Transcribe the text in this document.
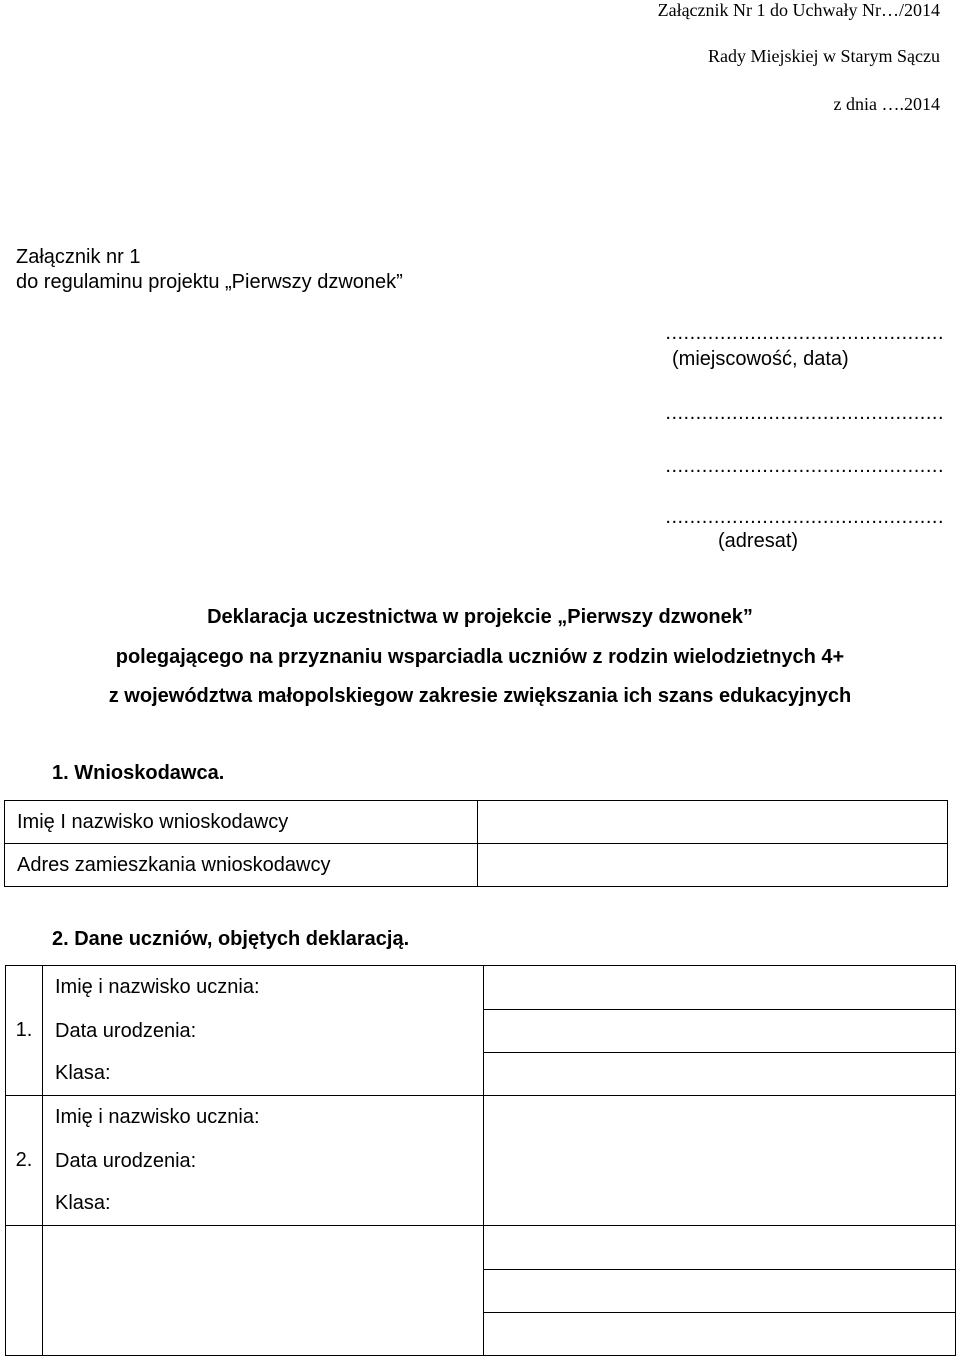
Załącznik Nr 1 do Uchwały Nr…/2014
Rady Miejskiej w Starym Sączu
z dnia ….2014
Załącznik nr 1
do regulaminu projektu „Pierwszy dzwonek”
..............................................
(miejscowość, data)
..............................................
..............................................
..............................................
(adresat)
Deklaracja uczestnictwa w projekcie „Pierwszy dzwonek”
polegającego na przyznaniu wsparciadla uczniów z rodzin wielodzietnych 4+
z województwa małopolskiegow zakresie zwiększania ich szans edukacyjnych
1. Wnioskodawca.
Imię I nazwisko wnioskodawcy	
Adres zamieszkania wnioskodawcy	
2. Dane uczniów, objętych deklaracją.
1.	Imię i nazwisko ucznia:	
	Data urodzenia:	
	Klasa:	
2.	Imię i nazwisko ucznia:	
	Data urodzenia:	
	Klasa:	
